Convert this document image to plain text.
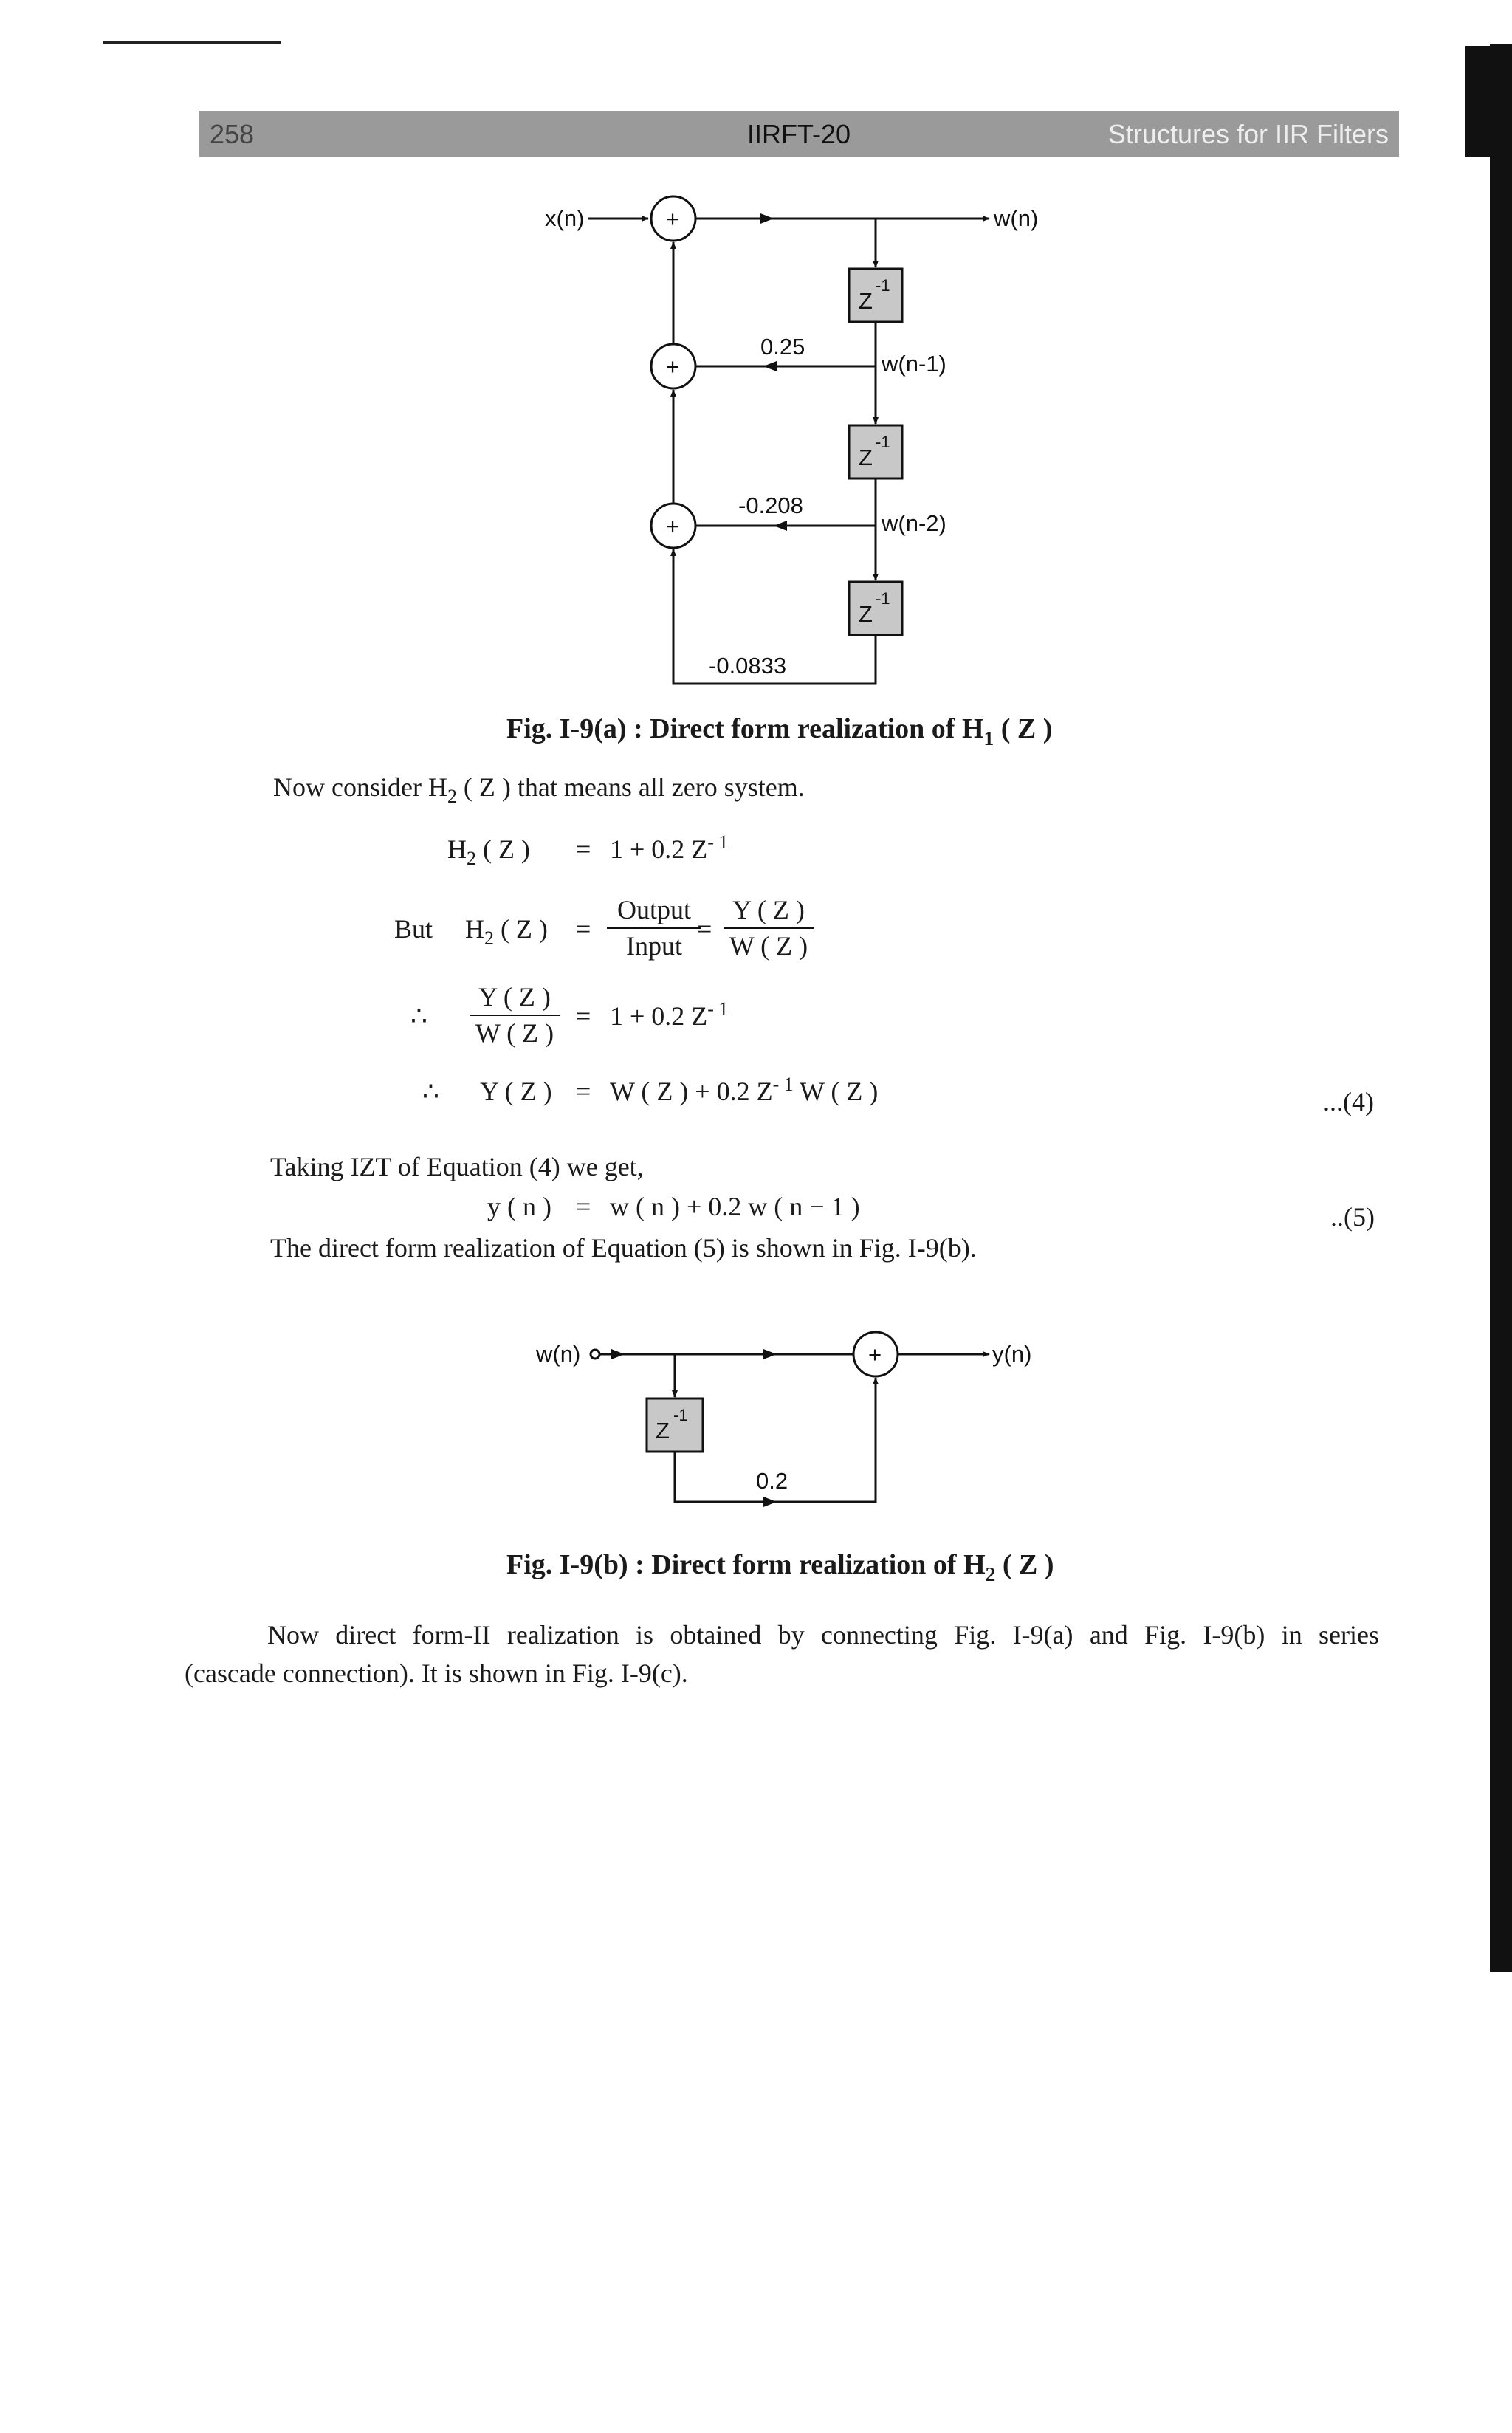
258	IIRFT-20	Structures for IIR Filters
x(n)	+	w(n)
Z
-1
w(n-1)
0.25
+
Z
-1
w(n-2)
-0.208
+
Z
-1
-0.0833
Fig. I-9(a) : Direct form realization of $H_1$ ( Z )
Now consider $H_2$ ( Z ) that means all zero system.
$H_2$ ( Z ) = 1 + 0.2 $Z^{- 1}$
But $H_2$ ( Z ) =
Output
Input
=
Y ( Z )
W ( Z )
∴
Y ( Z )
W ( Z )
= 1 + 0.2 $Z^{- 1}$
∴ Y ( Z ) = W ( Z ) + 0.2 $Z^{- 1}$ W ( Z )	...(4)
Taking IZT of Equation (4) we get,
y ( n ) = w ( n ) + 0.2 w ( n − 1 )	..(5)
The direct form realization of Equation (5) is shown in Fig. I-9(b).
w(n)	+	y(n)
Z
-1
0.2
Fig. I-9(b) : Direct form realization of $H_2$ ( Z )
Now direct form-II realization is obtained by connecting Fig. I-9(a) and Fig. I-9(b) in series
(cascade connection). It is shown in Fig. I-9(c).
